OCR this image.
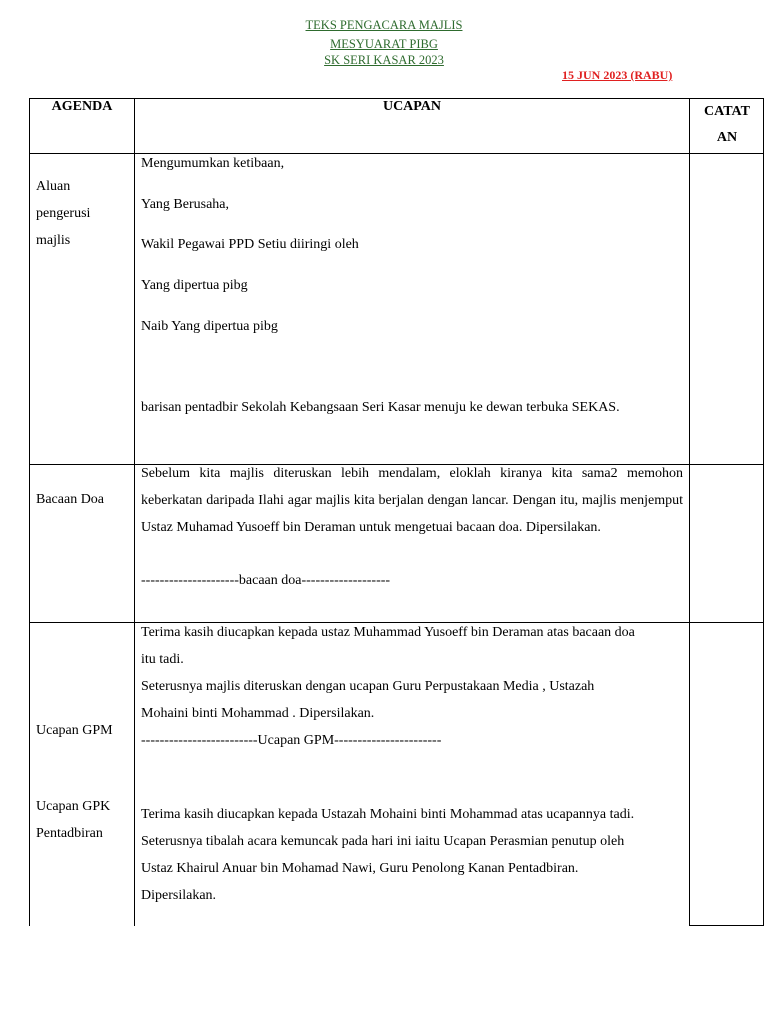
TEKS PENGACARA MAJLIS
MESYUARAT PIBG
SK SERI KASAR 2023
15 JUN 2023 (RABU)
AGENDA	UCAPAN	CATAT
AN
Aluan
pengerusi
majlis
Mengumumkan ketibaan,
Yang Berusaha,
Wakil Pegawai PPD Setiu diiringi oleh
Yang dipertua pibg
Naib Yang dipertua pibg
barisan pentadbir Sekolah Kebangsaan Seri Kasar menuju ke dewan terbuka SEKAS.
Bacaan Doa
Sebelum kita majlis diteruskan lebih mendalam, eloklah kiranya kita sama2 memohon keberkatan daripada Ilahi agar majlis kita berjalan dengan lancar. Dengan itu, majlis menjemput Ustaz Muhamad Yusoeff bin Deraman untuk mengetuai bacaan doa. Dipersilakan.
---------------------bacaan doa-------------------
Ucapan GPM
Ucapan GPK
Pentadbiran
Terima kasih diucapkan kepada ustaz Muhammad Yusoeff bin Deraman atas bacaan doa
itu tadi.
Seterusnya majlis diteruskan dengan ucapan Guru Perpustakaan Media , Ustazah
Mohaini binti Mohammad . Dipersilakan.
-------------------------Ucapan GPM-----------------------
Terima kasih diucapkan kepada Ustazah Mohaini binti Mohammad atas ucapannya tadi.
Seterusnya tibalah acara kemuncak pada hari ini iaitu Ucapan Perasmian penutup oleh
Ustaz Khairul Anuar bin Mohamad Nawi, Guru Penolong Kanan Pentadbiran.
Dipersilakan.
